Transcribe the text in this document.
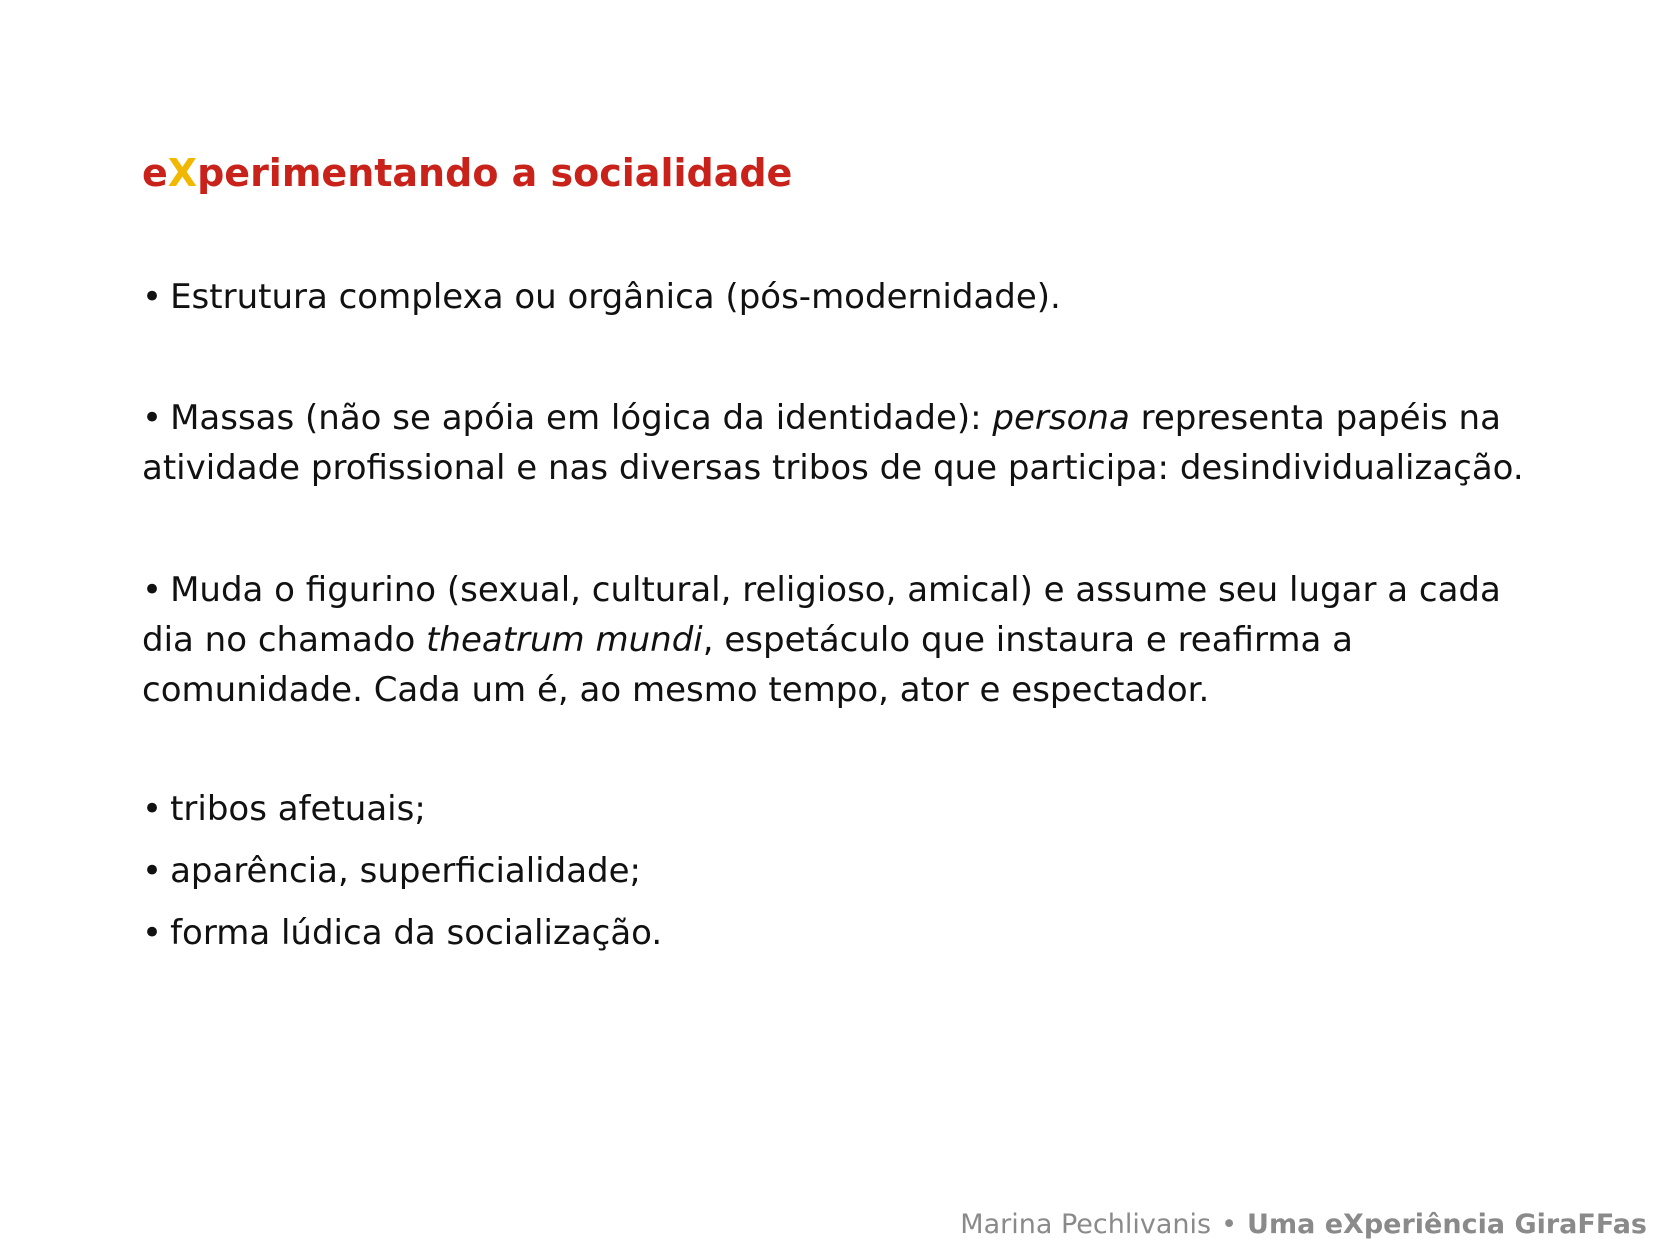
eXperimentando a socialidade

• Estrutura complexa ou orgânica (pós-modernidade).

• Massas (não se apóia em lógica da identidade): persona representa papéis na atividade profissional e nas diversas tribos de que participa: desindividualização.

• Muda o figurino (sexual, cultural, religioso, amical) e assume seu lugar a cada dia no chamado theatrum mundi, espetáculo que instaura e reafirma a comunidade. Cada um é, ao mesmo tempo, ator e espectador.

• tribos afetuais;

• aparência, superficialidade;

• forma lúdica da socialização.

Marina Pechlivanis • Uma eXperiência GiraFFas
